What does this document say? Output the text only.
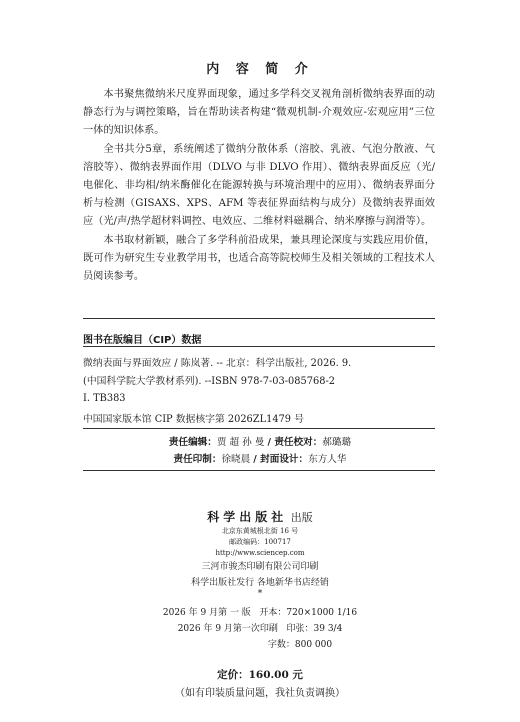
内 容 简 介

本书聚焦微纳米尺度界面现象，通过多学科交叉视角剖析微纳表界面的动静态行为与调控策略，旨在帮助读者构建“微观机制-介观效应-宏观应用”三位一体的知识体系。

全书共分5章，系统阐述了微纳分散体系（溶胶、乳液、气泡分散液、气溶胶等）、微纳表界面作用（DLVO 与非 DLVO 作用）、微纳表界面反应（光/电催化、非均相/纳米酶催化在能源转换与环境治理中的应用）、微纳表界面分析与检测（GISAXS、XPS、AFM 等表征界面结构与成分）及微纳表界面效应（光/声/热学超材料调控、电效应、二维材料磁耦合、纳米摩擦与润滑等）。

本书取材新颖，融合了多学科前沿成果，兼具理论深度与实践应用价值，既可作为研究生专业教学用书，也适合高等院校师生及相关领域的工程技术人员阅读参考。

图书在版编目（CIP）数据
微纳表面与界面效应 / 陈岚著. -- 北京：科学出版社, 2026. 9.
(中国科学院大学教材系列). --ISBN 978-7-03-085768-2
Ⅰ. TB383
中国国家版本馆 CIP 数据核字第 2026ZL1479 号
责任编辑：贾 超 孙 曼 / 责任校对：郝璐璐
责任印制：徐晓晨 / 封面设计：东方人华
科学出版社 出版
北京东黄城根北街 16 号
邮政编码：100717
http://www.sciencep.com
三河市骏杰印刷有限公司印刷
科学出版社发行 各地新华书店经销
*
2026 年 9 月第 一 版 开本：720×1000 1/16
2026 年 9 月第一次印刷 印张：39 3/4
字数：800 000
定价：160.00 元
（如有印装质量问题，我社负责调换）
